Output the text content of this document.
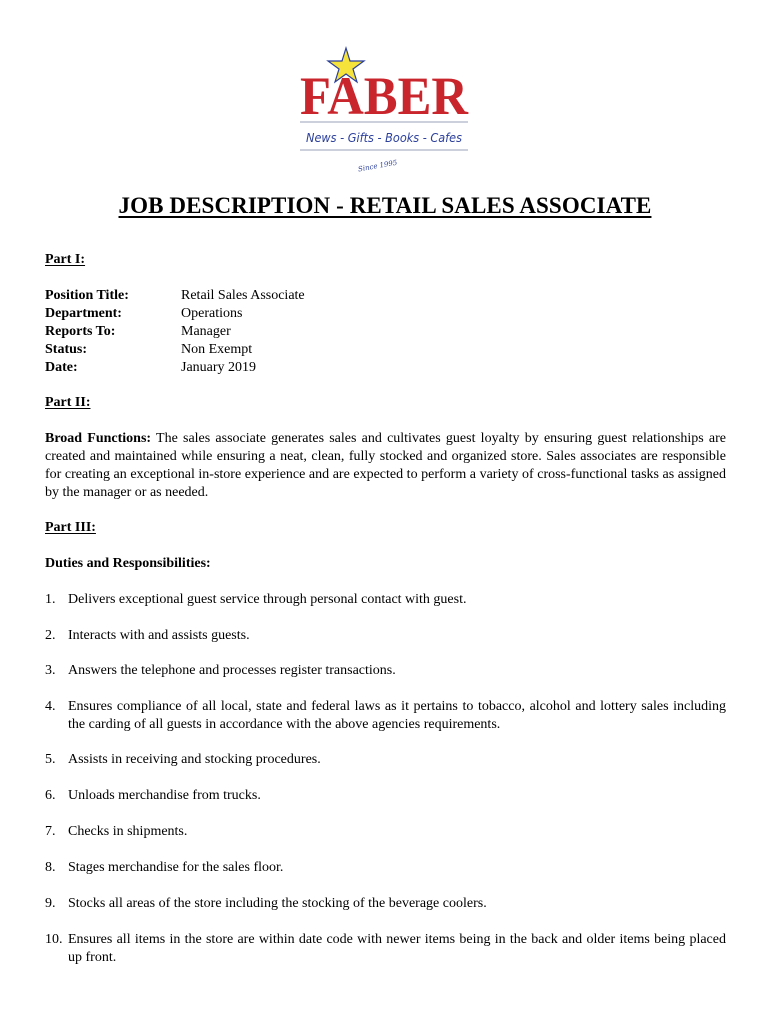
FABER
News - Gifts - Books - Cafes
Since 1995
JOB DESCRIPTION - RETAIL SALES ASSOCIATE
Part I:
Position Title:	Retail Sales Associate
Department:	Operations
Reports To:	Manager
Status:	Non Exempt
Date:	January 2019
Part II:
Broad Functions: The sales associate generates sales and cultivates guest loyalty by ensuring guest relationships are created and maintained while ensuring a neat, clean, fully stocked and organized store. Sales associates are responsible for creating an exceptional in-store experience and are expected to perform a variety of cross-functional tasks as assigned by the manager or as needed.
Part III:
Duties and Responsibilities:
1. Delivers exceptional guest service through personal contact with guest.
2. Interacts with and assists guests.
3. Answers the telephone and processes register transactions.
4. Ensures compliance of all local, state and federal laws as it pertains to tobacco, alcohol and lottery sales including the carding of all guests in accordance with the above agencies requirements.
5. Assists in receiving and stocking procedures.
6. Unloads merchandise from trucks.
7. Checks in shipments.
8. Stages merchandise for the sales floor.
9. Stocks all areas of the store including the stocking of the beverage coolers.
10. Ensures all items in the store are within date code with newer items being in the back and older items being placed up front.
